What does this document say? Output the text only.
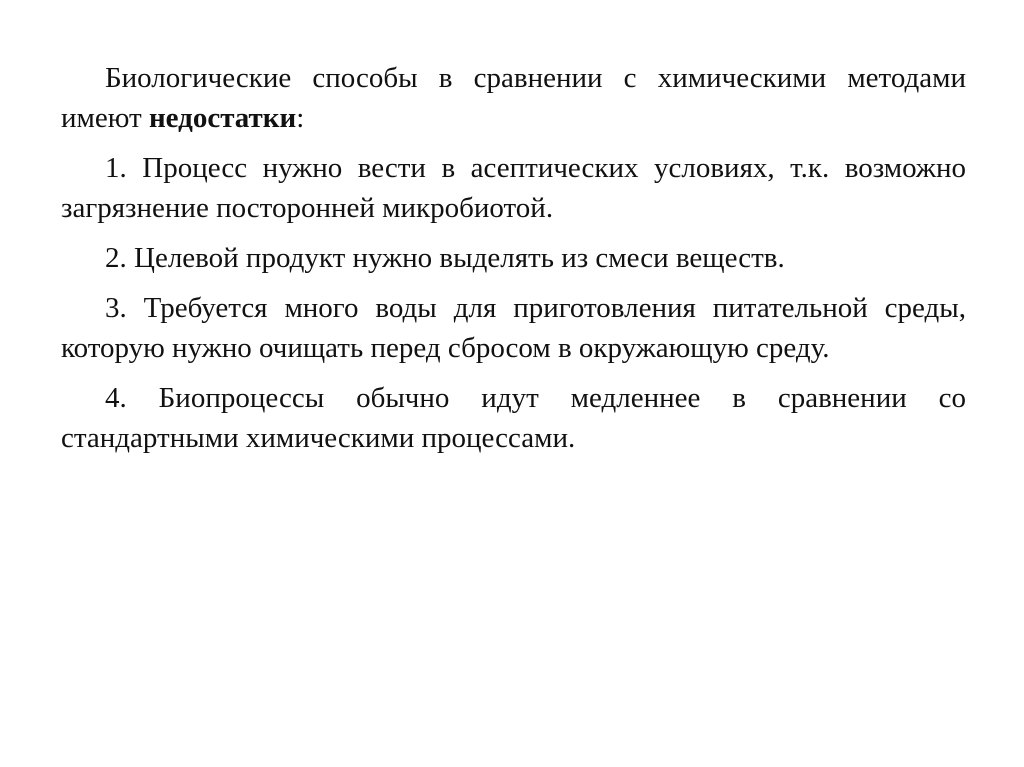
Биологические способы в сравнении с химическими методами имеют недостатки:

1. Процесс нужно вести в асептических условиях, т.к. возможно загрязнение посторонней микробиотой.

2. Целевой продукт нужно выделять из смеси веществ.

3. Требуется много воды для приготовления питательной среды, которую нужно очищать перед сбросом в окружающую среду.

4. Биопроцессы обычно идут медленнее в сравнении со стандартными химическими процессами.
